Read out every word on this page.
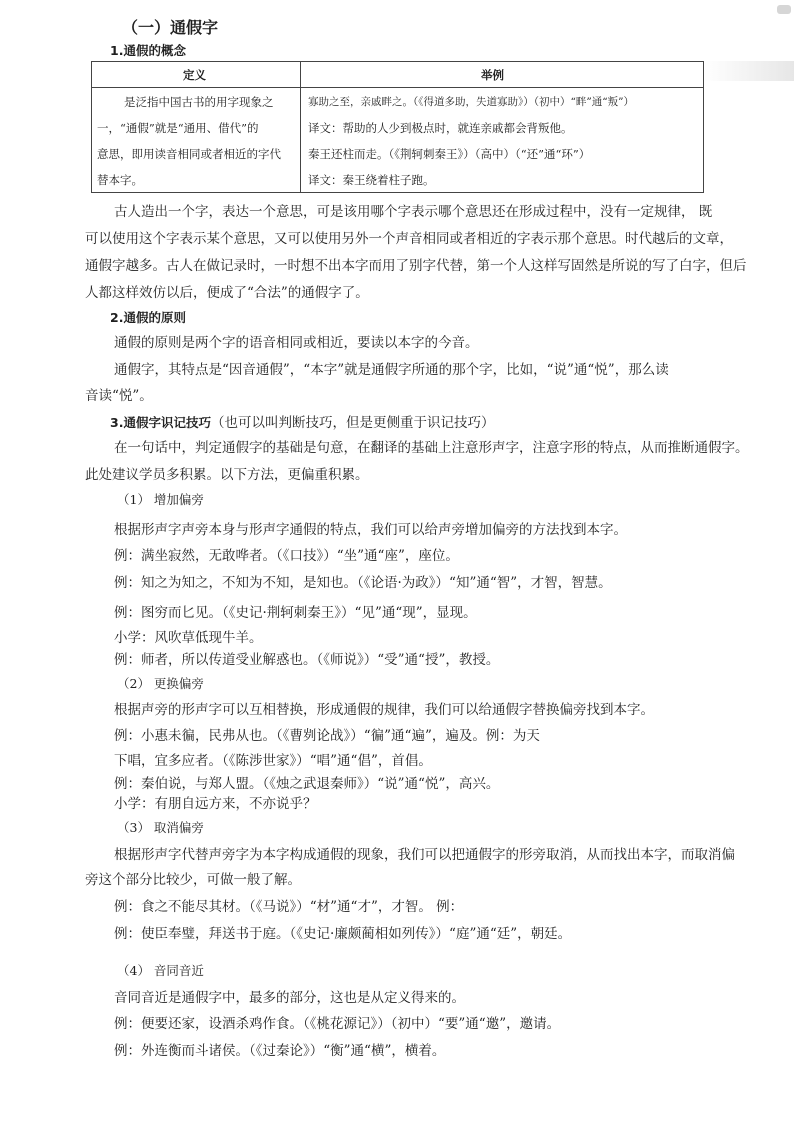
（一）通假字
1.通假的概念
定义	举例
是泛指中国古书的用字现象之
一，“通假”就是“通用、借代”的
意思，即用读音相同或者相近的字代
替本字。
寡助之至，亲戚畔之。（《得道多助，失道寡助》）（初中）“畔”通“叛”）
译文：帮助的人少到极点时，就连亲戚都会背叛他。
秦王还柱而走。（《荆轲刺秦王》）（高中）（“还”通“环”）
译文：秦王绕着柱子跑。
古人造出一个字，表达一个意思，可是该用哪个字表示哪个意思还在形成过程中，没有一定规律， 既
可以使用这个字表示某个意思，又可以使用另外一个声音相同或者相近的字表示那个意思。时代越后的文章，
通假字越多。古人在做记录时，一时想不出本字而用了别字代替，第一个人这样写固然是所说的写了白字，但后
人都这样效仿以后，便成了“合法”的通假字了。
2.通假的原则
通假的原则是两个字的语音相同或相近，要读以本字的今音。
通假字，其特点是“因音通假”，“本字”就是通假字所通的那个字，比如，“说”通“悦”，那么读
音读“悦”。
3.通假字识记技巧（也可以叫判断技巧，但是更侧重于识记技巧）
在一句话中，判定通假字的基础是句意，在翻译的基础上注意形声字，注意字形的特点，从而推断通假字。
此处建议学员多积累。以下方法，更偏重积累。
（1） 增加偏旁
根据形声字声旁本身与形声字通假的特点，我们可以给声旁增加偏旁的方法找到本字。
例：满坐寂然，无敢哗者。（《口技》）“坐”通“座”，座位。
例：知之为知之，不知为不知，是知也。（《论语·为政》）“知”通“智”，才智，智慧。
例：图穷而匕见。（《史记·荆轲刺秦王》）“见”通“现”，显现。
小学：风吹草低现牛羊。
例：师者，所以传道受业解惑也。（《师说》）“受”通“授”，教授。
（2） 更换偏旁
根据声旁的形声字可以互相替换，形成通假的规律，我们可以给通假字替换偏旁找到本字。
例：小惠未徧，民弗从也。（《曹刿论战》）“徧”通“遍”，遍及。例：为天
下唱，宜多应者。（《陈涉世家》）“唱”通“倡”，首倡。
例：秦伯说，与郑人盟。（《烛之武退秦师》）“说”通“悦”，高兴。
小学：有朋自远方来，不亦说乎？
（3） 取消偏旁
根据形声字代替声旁字为本字构成通假的现象，我们可以把通假字的形旁取消，从而找出本字，而取消偏
旁这个部分比较少，可做一般了解。
例：食之不能尽其材。（《马说》）“材”通“才”，才智。 例：
例：使臣奉璧，拜送书于庭。（《史记·廉颇蔺相如列传》）“庭”通“廷”，朝廷。
（4） 音同音近
音同音近是通假字中，最多的部分，这也是从定义得来的。
例：便要还家，设酒杀鸡作食。（《桃花源记》）（初中）“要”通“邀”，邀请。
例：外连衡而斗诸侯。（《过秦论》）“衡”通“横”，横着。
